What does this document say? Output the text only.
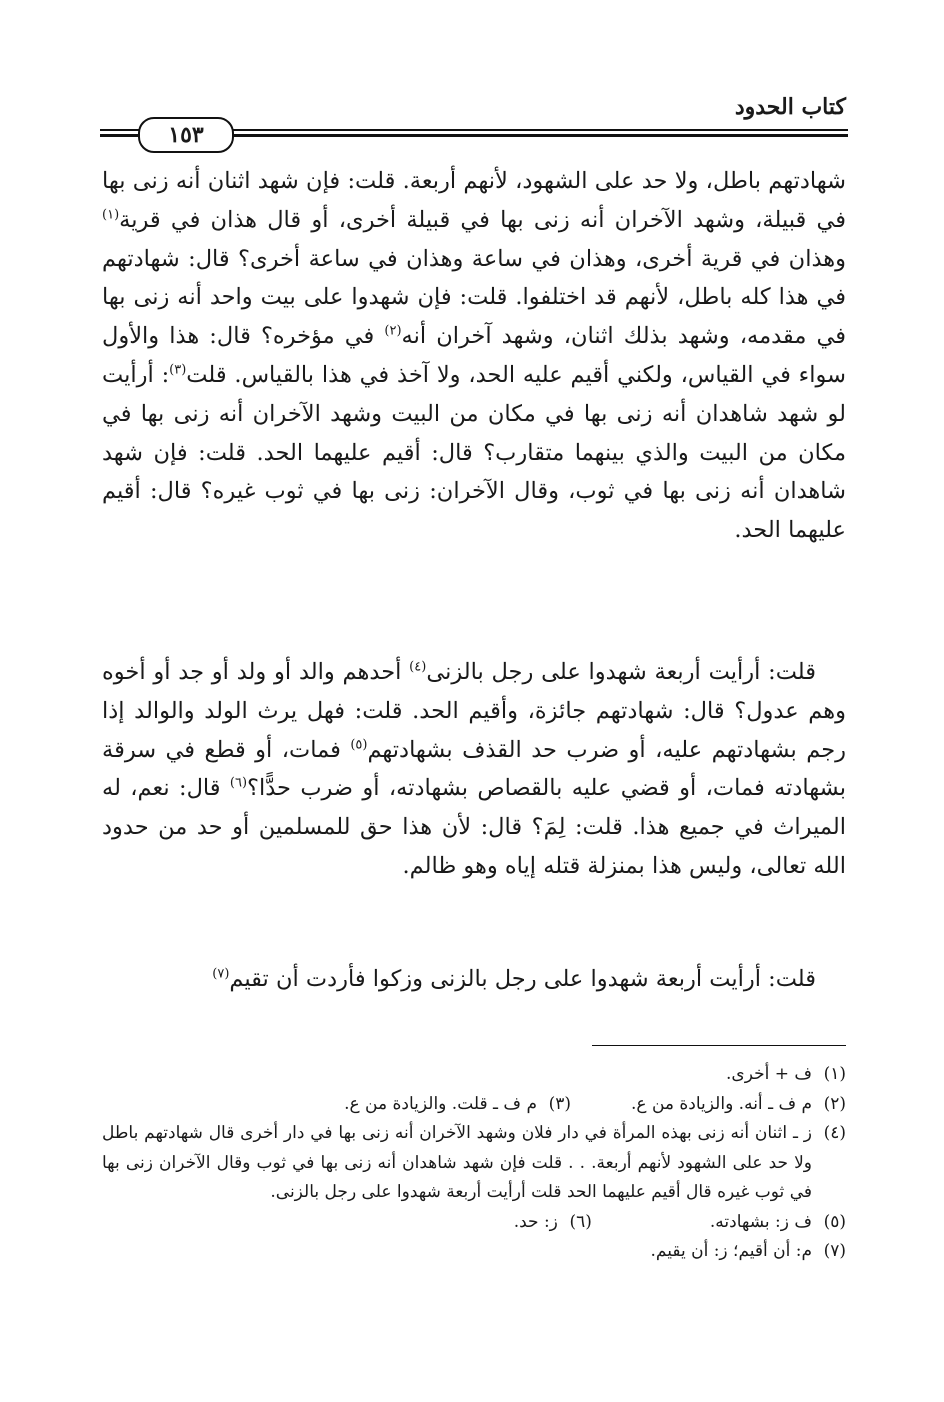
كتاب الحدود
١٥٣

شهادتهم باطل، ولا حد على الشهود، لأنهم أربعة. قلت: فإن شهد اثنان أنه زنى بها في قبيلة، وشهد الآخران أنه زنى بها في قبيلة أخرى، أو قال هذان في قرية$^{(١)}$ وهذان في قرية أخرى، وهذان في ساعة وهذان في ساعة أخرى؟ قال: شهادتهم في هذا كله باطل، لأنهم قد اختلفوا. قلت: فإن شهدوا على بيت واحد أنه زنى بها في مقدمه، وشهد بذلك اثنان، وشهد آخران أنه$^{(٢)}$ في مؤخره؟ قال: هذا والأول سواء في القياس، ولكني أقيم عليه الحد، ولا آخذ في هذا بالقياس. قلت$^{(٣)}$: أرأيت لو شهد شاهدان أنه زنى بها في مكان من البيت وشهد الآخران أنه زنى بها في مكان من البيت والذي بينهما متقارب؟ قال: أقيم عليهما الحد. قلت: فإن شهد شاهدان أنه زنى بها في ثوب، وقال الآخران: زنى بها في ثوب غيره؟ قال: أقيم عليهما الحد.

قلت: أرأيت أربعة شهدوا على رجل بالزنى$^{(٤)}$ أحدهم والد أو ولد أو جد أو أخوه وهم عدول؟ قال: شهادتهم جائزة، وأقيم الحد. قلت: فهل يرث الولد والوالد إذا رجم بشهادتهم عليه، أو ضرب حد القذف بشهادتهم$^{(٥)}$ فمات، أو قطع في سرقة بشهادته فمات، أو قضي عليه بالقصاص بشهادته، أو ضرب حدًّا؟$^{(٦)}$ قال: نعم، له الميراث في جميع هذا. قلت: لِمَ؟ قال: لأن هذا حق للمسلمين أو حد من حدود الله تعالى، وليس هذا بمنزلة قتله إياه وهو ظالم.

قلت: أرأيت أربعة شهدوا على رجل بالزنى وزكوا فأردت أن تقيم$^{(٧)}$

(١)
ف + أخرى.
(٢)
م ف ـ أنه. والزيادة من ع.
(٣)
م ف ـ قلت. والزيادة من ع.
(٤)
ز ـ اثنان أنه زنى بهذه المرأة في دار فلان وشهد الآخران أنه زنى بها في دار أخرى قال شهادتهم باطل ولا حد على الشهود لأنهم أربعة. . . قلت فإن شهد شاهدان أنه زنى بها في ثوب وقال الآخران زنى بها في ثوب غيره قال أقيم عليهما الحد قلت أرأيت أربعة شهدوا على رجل بالزنى.
(٥)
ف ز: بشهادته.
(٦)
ز: حد.
(٧)
م: أن أقيم؛ ز: أن يقيم.
